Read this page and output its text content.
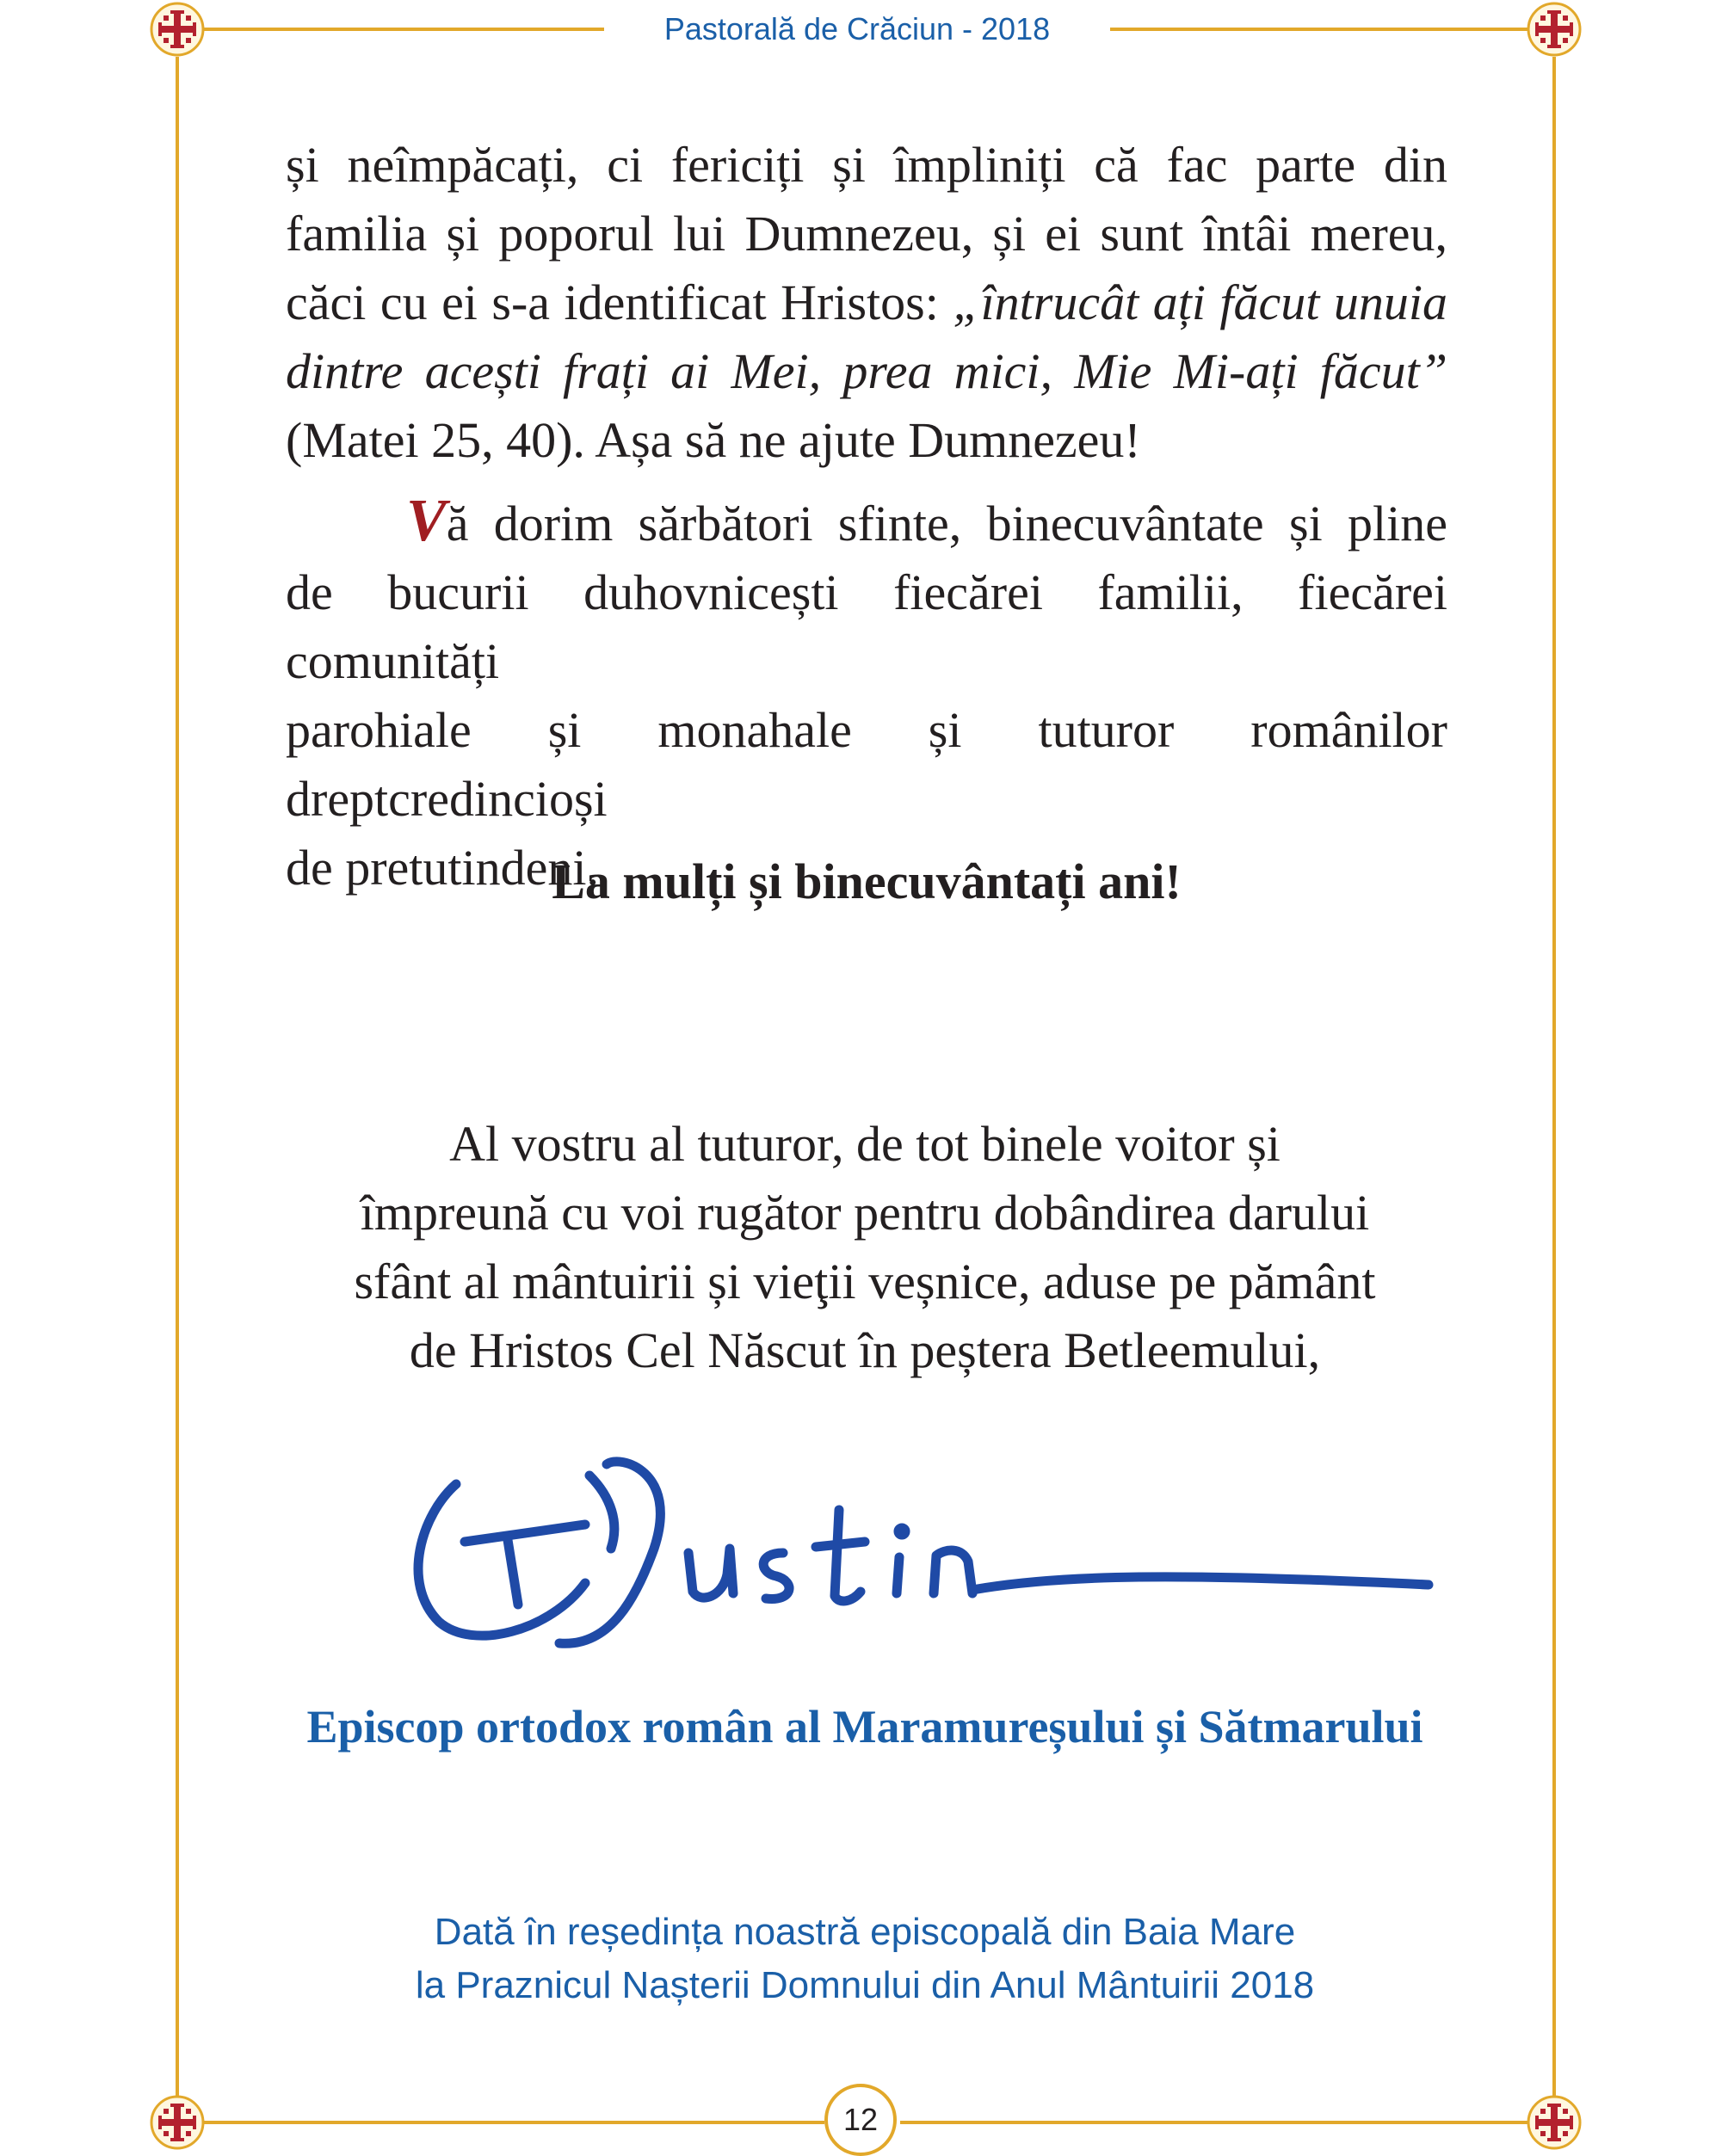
Pastorală de Crăciun - 2018
și neîmpăcați, ci fericiți și împliniți că fac parte din
familia și poporul lui Dumnezeu, și ei sunt întâi mereu,
căci cu ei s-a identificat Hristos: „întrucât ați făcut unuia
dintre acești frați ai Mei, prea mici, Mie Mi-ați făcut”
(Matei 25, 40). Așa să ne ajute Dumnezeu!
Vă dorim sărbători sfinte, binecuvântate și pline
de bucurii duhovnicești fiecărei familii, fiecărei comunități
parohiale și monahale și tuturor românilor dreptcredincioși
de pretutindeni.
La mulți și binecuvântați ani!
Al vostru al tuturor, de tot binele voitor și
împreună cu voi rugător pentru dobândirea darului
sfânt al mântuirii și vieţii veșnice, aduse pe pământ
de Hristos Cel Născut în peștera Betleemului,
Episcop ortodox român al Maramureșului și Sătmarului
Dată în reședința noastră episcopală din Baia Mare
la Praznicul Nașterii Domnului din Anul Mântuirii 2018
12
